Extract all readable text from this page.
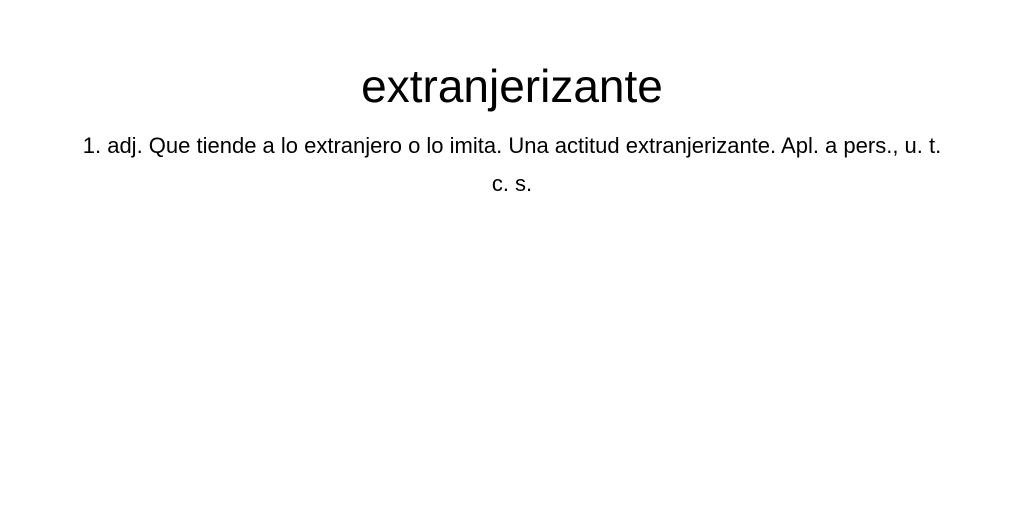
extranjerizante

1. adj. Que tiende a lo extranjero o lo imita. Una actitud extranjerizante. Apl. a pers., u. t. c. s.
